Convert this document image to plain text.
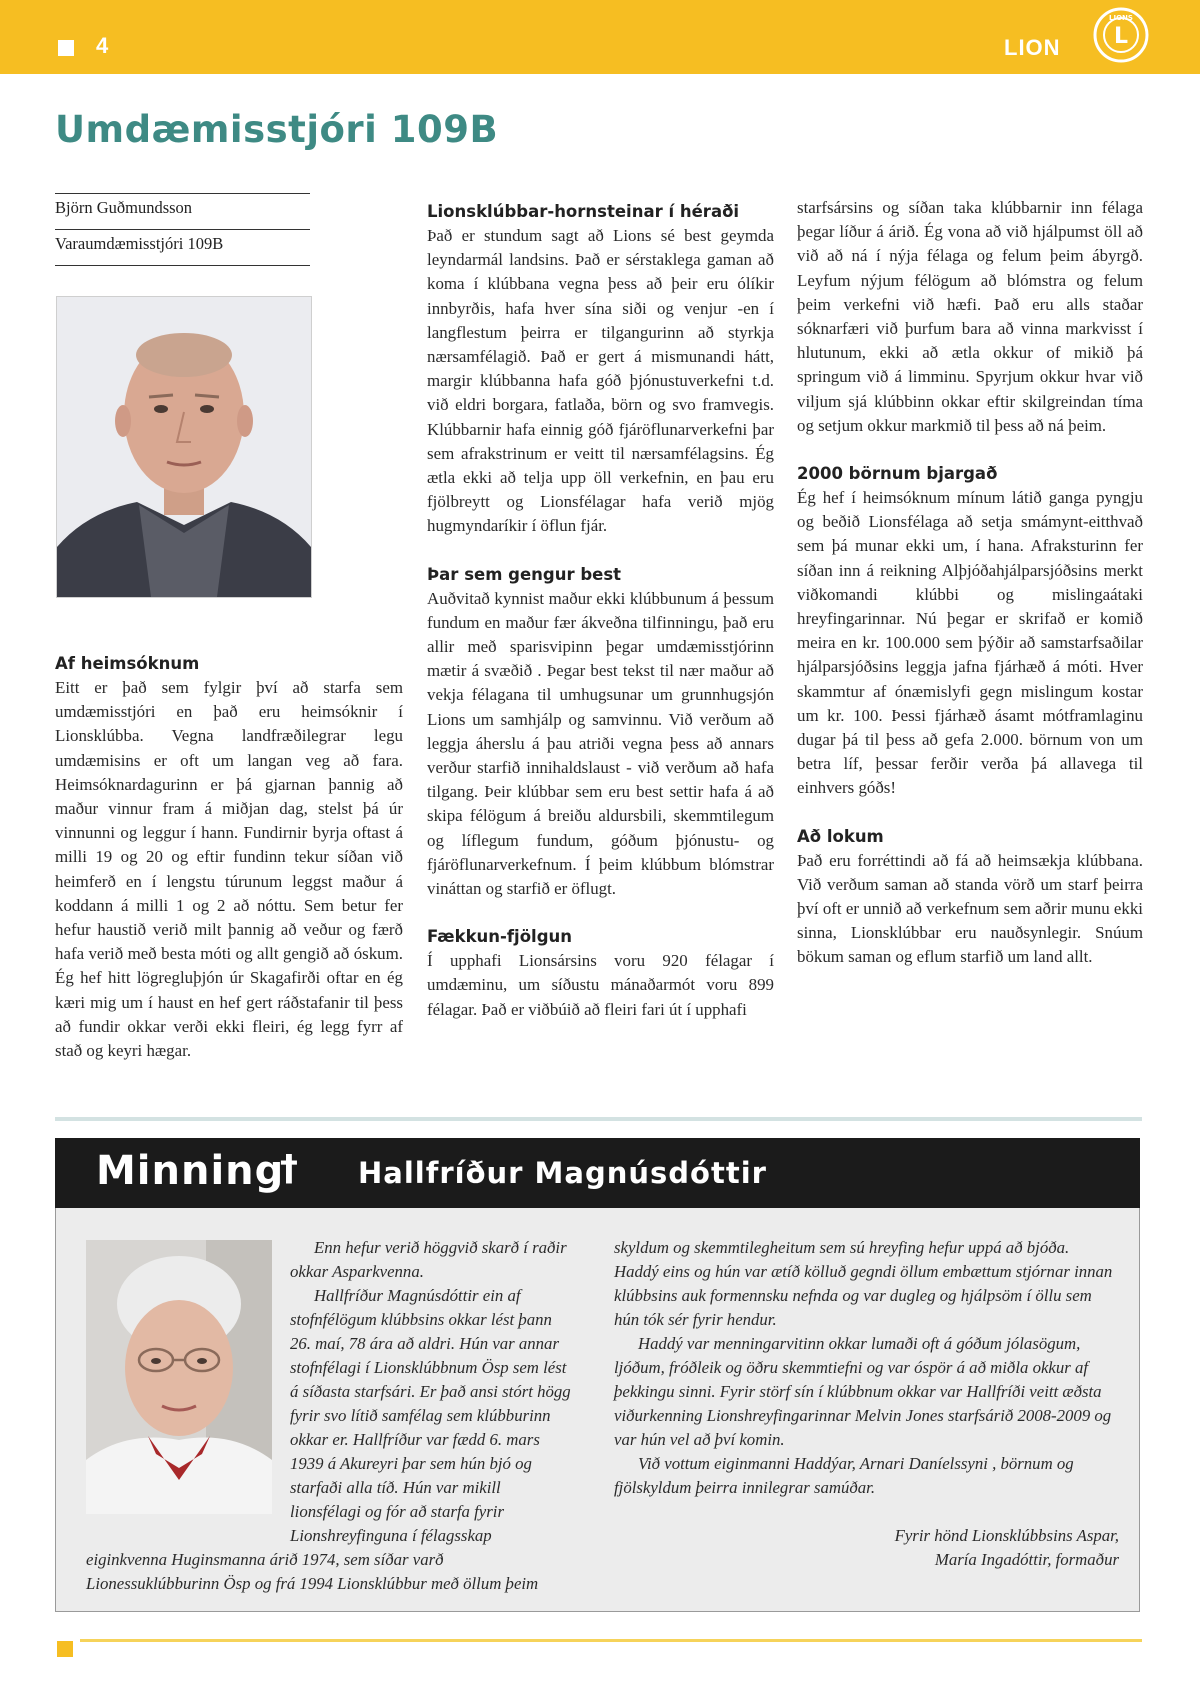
4	LION
LIONS
L
Umdæmisstjóri 109B
Björn Guðmundsson
Varaumdæmisstjóri 109B
Af heimsóknum

Eitt er það sem fylgir því að starfa sem umdæmisstjóri en það eru heimsóknir í Lionsklúbba. Vegna landfræðilegrar legu umdæmisins er oft um langan veg að fara. Heimsóknardagurinn er þá gjarnan þannig að maður vinnur fram á miðjan dag, stelst þá úr vinnunni og leggur í hann. Fundirnir byrja oftast á milli 19 og 20 og eftir fundinn tekur síðan við heimferð en í lengstu túrunum leggst maður á koddann á milli 1 og 2 að nóttu. Sem betur fer hefur haustið verið milt þannig að veður og færð hafa verið með besta móti og allt gengið að óskum. Ég hef hitt lögregluþjón úr Skagafirði oftar en ég kæri mig um í haust en hef gert ráðstafanir til þess að fundir okkar verði ekki fleiri, ég legg fyrr af stað og keyri hægar.

Lionsklúbbar-hornsteinar í héraði

Það er stundum sagt að Lions sé best geymda leyndarmál landsins. Það er sérstaklega gaman að koma í klúbbana vegna þess að þeir eru ólíkir innbyrðis, hafa hver sína siði og venjur -en í langflestum þeirra er tilgangurinn að styrkja nærsamfélagið. Það er gert á mismunandi hátt, margir klúbbanna hafa góð þjónustuverkefni t.d. við eldri borgara, fatlaða, börn og svo framvegis. Klúbbarnir hafa einnig góð fjáröflunarverkefni þar sem afrakstrinum er veitt til nærsamfélagsins. Ég ætla ekki að telja upp öll verkefnin, en þau eru fjölbreytt og Lionsfélagar hafa verið mjög hugmyndaríkir í öflun fjár.

Þar sem gengur best

Auðvitað kynnist maður ekki klúbbunum á þessum fundum en maður fær ákveðna tilfinningu, það eru allir með sparisvipinn þegar umdæmisstjórinn mætir á svæðið . Þegar best tekst til nær maður að vekja félagana til umhugsunar um grunnhugsjón Lions um samhjálp og samvinnu. Við verðum að leggja áherslu á þau atriði vegna þess að annars verður starfið innihaldslaust - við verðum að hafa tilgang. Þeir klúbbar sem eru best settir hafa á að skipa félögum á breiðu aldursbili, skemmtilegum og líflegum fundum, góðum þjónustu- og fjáröflunarverkefnum. Í þeim klúbbum blómstrar vináttan og starfið er öflugt.

Fækkun-fjölgun

Í upphafi Lionsársins voru 920 félagar í umdæminu, um síðustu mánaðarmót voru 899 félagar. Það er viðbúið að fleiri fari út í upphafi

starfsársins og síðan taka klúbbarnir inn félaga þegar líður á árið. Ég vona að við hjálpumst öll að við að ná í nýja félaga og felum þeim ábyrgð. Leyfum nýjum félögum að blómstra og felum þeim verkefni við hæfi. Það eru alls staðar sóknarfæri við þurfum bara að vinna markvisst í hlutunum, ekki að ætla okkur of mikið þá springum við á limminu. Spyrjum okkur hvar við viljum sjá klúbbinn okkar eftir skilgreindan tíma og setjum okkur markmið til þess að ná þeim.

2000 börnum bjargað

Ég hef í heimsóknum mínum látið ganga pyngju og beðið Lionsfélaga að setja smámynt-eitthvað sem þá munar ekki um, í hana. Afraksturinn fer síðan inn á reikning Alþjóðahjálparsjóðsins merkt viðkomandi klúbbi og mislingaátaki hreyfingarinnar. Nú þegar er skrifað er komið meira en kr. 100.000 sem þýðir að samstarfsaðilar hjálparsjóðsins leggja jafna fjárhæð á móti. Hver skammtur af ónæmislyfi gegn mislingum kostar um kr. 100. Þessi fjárhæð ásamt mótframlaginu dugar þá til þess að gefa 2.000. börnum von um betra líf, þessar ferðir verða þá allavega til einhvers góðs!

Að lokum

Það eru forréttindi að fá að heimsækja klúbbana. Við verðum saman að standa vörð um starf þeirra því oft er unnið að verkefnum sem aðrir munu ekki sinna, Lionsklúbbar eru nauðsynlegir. Snúum bökum saman og eflum starfið um land allt.

Minning
† Hallfríður Magnúsdóttir

Enn hefur verið höggvið skarð í raðir

okkar Asparkvenna.

Hallfríður Magnúsdóttir ein af

stofnfélögum klúbbsins okkar lést þann

26. maí, 78 ára að aldri. Hún var annar

stofnfélagi í Lionsklúbbnum Ösp sem lést

á síðasta starfsári. Er það ansi stórt högg

fyrir svo lítið samfélag sem klúbburinn

okkar er. Hallfríður var fædd 6. mars

1939 á Akureyri þar sem hún bjó og

starfaði alla tíð. Hún var mikill

lionsfélagi og fór að starfa fyrir

Lionshreyfinguna í félagsskap

eiginkvenna Huginsmanna árið 1974, sem síðar varð

Lionessuklúbburinn Ösp og frá 1994 Lionsklúbbur með öllum þeim

skyldum og skemmtilegheitum sem sú hreyfing hefur uppá að bjóða. Haddý eins og hún var ætíð kölluð gegndi öllum embættum stjórnar innan klúbbsins auk formennsku nefnda og var dugleg og hjálpsöm í öllu sem hún tók sér fyrir hendur.

Haddý var menningarvitinn okkar lumaði oft á góðum jólasögum, ljóðum, fróðleik og öðru skemmtiefni og var óspör á að miðla okkur af þekkingu sinni. Fyrir störf sín í klúbbnum okkar var Hallfríði veitt æðsta viðurkenning Lionshreyfingarinnar Melvin Jones starfsárið 2008-2009 og var hún vel að því komin.

Við vottum eiginmanni Haddýar, Arnari Daníelssyni , börnum og fjölskyldum þeirra innilegrar samúðar.

Fyrir hönd Lionsklúbbsins Aspar,
María Ingadóttir, formaður
